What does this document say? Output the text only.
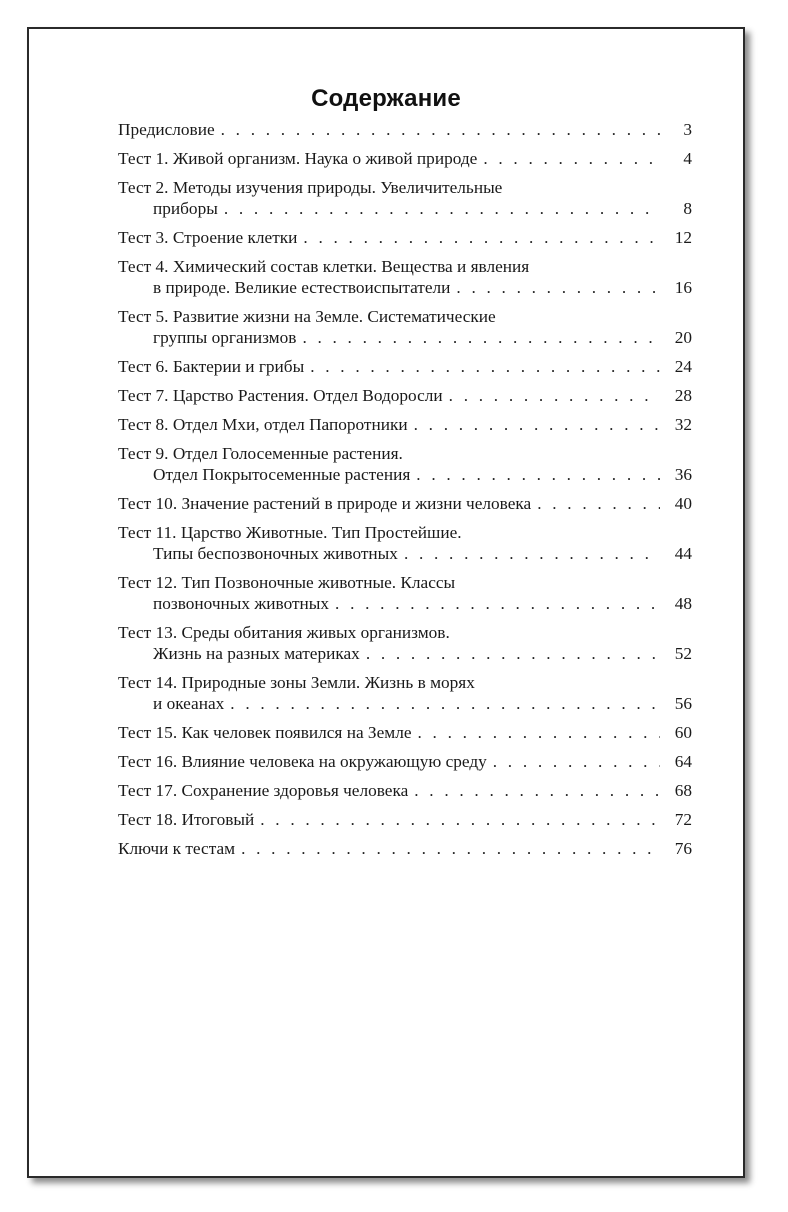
Содержание
Предисловие . . .	3
Тест 1. Живой организм. Наука о живой природе . . .	4
Тест 2. Методы изучения природы. Увеличительные
приборы . . .	8
Тест 3. Строение клетки . . .	12
Тест 4. Химический состав клетки. Вещества и явления
в природе. Великие естествоиспытатели . . .	16
Тест 5. Развитие жизни на Земле. Систематические
группы организмов . . .	20
Тест 6. Бактерии и грибы . . .	24
Тест 7. Царство Растения. Отдел Водоросли . . .	28
Тест 8. Отдел Мхи, отдел Папоротники . . .	32
Тест 9. Отдел Голосеменные растения.
Отдел Покрытосеменные растения . . .	36
Тест 10. Значение растений в природе и жизни человека . . .	40
Тест 11. Царство Животные. Тип Простейшие.
Типы беспозвоночных животных . . .	44
Тест 12. Тип Позвоночные животные. Классы
позвоночных животных . . .	48
Тест 13. Среды обитания живых организмов.
Жизнь на разных материках . . .	52
Тест 14. Природные зоны Земли. Жизнь в морях
и океанах . . .	56
Тест 15. Как человек появился на Земле . . .	60
Тест 16. Влияние человека на окружающую среду . . .	64
Тест 17. Сохранение здоровья человека . . .	68
Тест 18. Итоговый . . .	72
Ключи к тестам . . .	76
